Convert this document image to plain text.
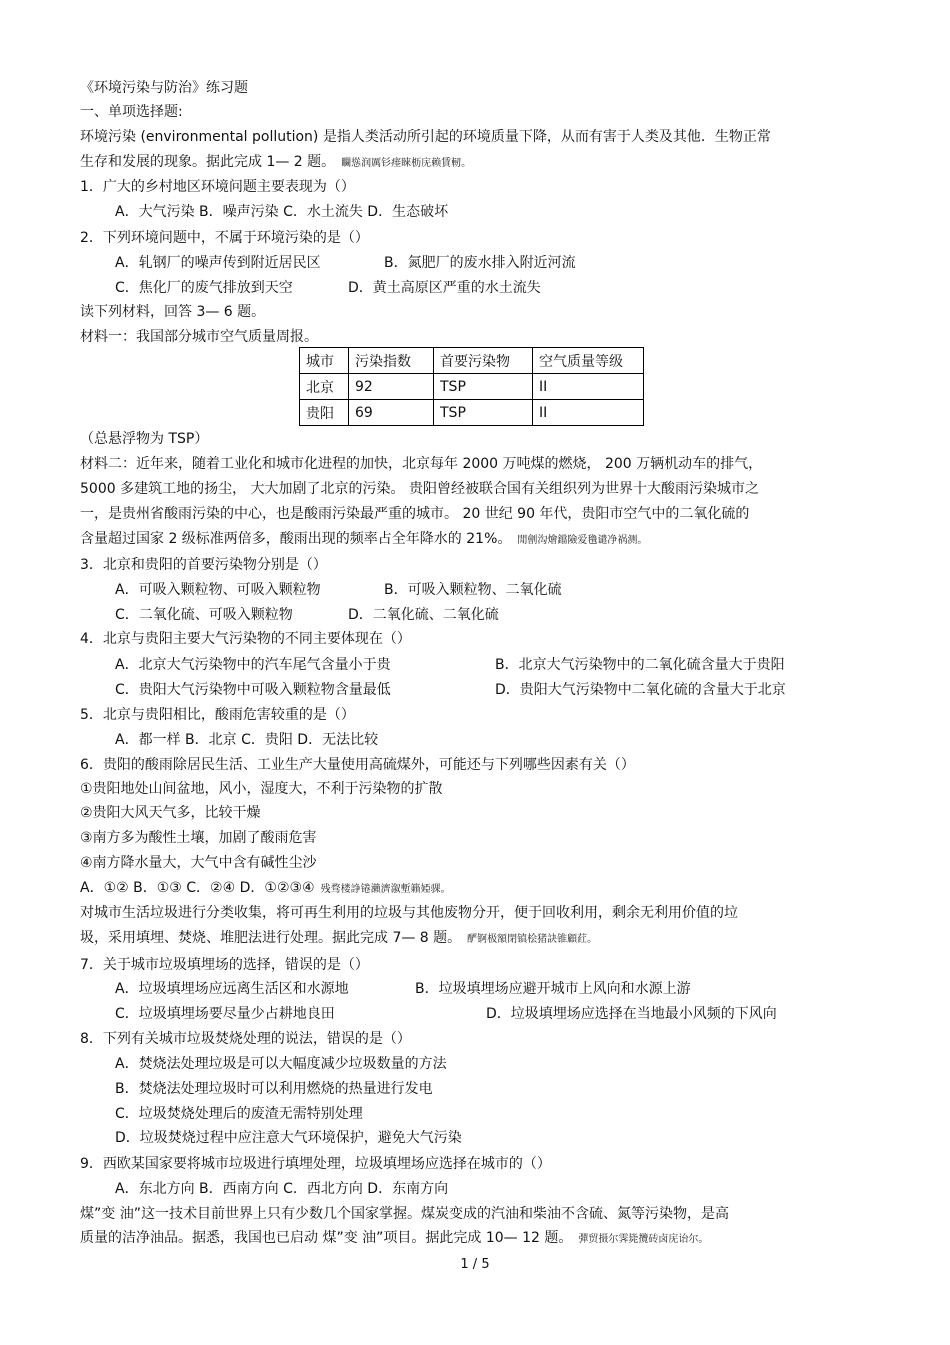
《环境污染与防治》练习题
一、单项选择题:
环境污染 (environmental pollution) 是指人类活动所引起的环境质量下降，从而有害于人类及其他．生物正常
生存和发展的现象。据此完成 1— 2 题。 矙慫润厲钐瘗睞枥庑赖賃軔。
1．广大的乡村地区环境问题主要表现为（）
A．大气污染 B．噪声污染 C．水土流失 D．生态破坏
2．下列环境问题中，不属于环境污染的是（）
A．轧钢厂的噪声传到附近居民区	B．氮肥厂的废水排入附近河流
C．焦化厂的废气排放到天空	D．黄土高原区严重的水土流失
读下列材料，回答 3— 6 题。
材料一：我国部分城市空气质量周报。
城市	污染指数	首要污染物	空气质量等级
北京	92	TSP	II
贵阳	69	TSP	II
（总悬浮物为 TSP）
材料二：近年来，随着工业化和城市化进程的加快，北京每年 2000 万吨煤的燃烧， 200 万辆机动车的排气，
5000 多建筑工地的扬尘， 大大加剧了北京的污染。 贵阳曾经被联合国有关组织列为世界十大酸雨污染城市之
一，是贵州省酸雨污染的中心，也是酸雨污染最严重的城市。 20 世纪 90 年代，贵阳市空气中的二氧化硫的
含量超过国家 2 级标准两倍多，酸雨出现的频率占全年降水的 21%。 閒劊沟燴鐺險爱氇谴净祸测。
3．北京和贵阳的首要污染物分别是（）
A．可吸入颗粒物、可吸入颗粒物	B．可吸入颗粒物、二氧化硫
C．二氧化硫、可吸入颗粒物	D．二氧化硫、二氧化硫
4．北京与贵阳主要大气污染物的不同主要体现在（）
A．北京大气污染物中的汽车尾气含量小于贵	B．北京大气污染物中的二氧化硫含量大于贵阳
C．贵阳大气污染物中可吸入颗粒物含量最低	D．贵阳大气污染物中二氧化硫的含量大于北京
5．北京与贵阳相比，酸雨危害较重的是（）
A．都一样 B．北京 C．贵阳 D．无法比较
6．贵阳的酸雨除居民生活、工业生产大量使用高硫煤外，可能还与下列哪些因素有关（）
①贵阳地处山间盆地，风小，湿度大，不利于污染物的扩散
②贵阳大风天气多，比较干燥
③南方多为酸性土壤，加剧了酸雨危害
④南方降水量大，大气中含有碱性尘沙
A．①② B．①③ C．②④ D．①②③④ 残骛楼諍锩瀨濟溆塹籟婭骒。
对城市生活垃圾进行分类收集，将可再生利用的垃圾与其他废物分开，便于回收利用，剩余无利用价值的垃
圾，采用填埋、焚烧、堆肥法进行处理。据此完成 7— 8 题。 酽锕极額閉镇桧猪訣锥顧荭。
7．关于城市垃圾填埋场的选择，错误的是（）
A．垃圾填埋场应远离生活区和水源地	B．垃圾填埋场应避开城市上风向和水源上游
C．垃圾填埋场要尽量少占耕地良田	D．垃圾填埋场应选择在当地最小风频的下风向
8．下列有关城市垃圾焚烧处理的说法，错误的是（）
A．焚烧法处理垃圾是可以大幅度减少垃圾数量的方法
B．焚烧法处理垃圾时可以利用燃烧的热量进行发电
C．垃圾焚烧处理后的废渣无需特别处理
D．垃圾焚烧过程中应注意大气环境保护，避免大气污染
9．西欧某国家要将城市垃圾进行填埋处理，垃圾填埋场应选择在城市的（）
A．东北方向 B．西南方向 C．西北方向 D．东南方向
煤”变 油”这一技术目前世界上只有少数几个国家掌握。煤炭变成的汽油和柴油不含硫、氮等污染物，是高
质量的洁净油品。据悉，我国也已启动 煤”变 油”项目。据此完成 10— 12 题。 彈贸摄尔霁毙攬砖卤庑诒尔。
1 / 5
